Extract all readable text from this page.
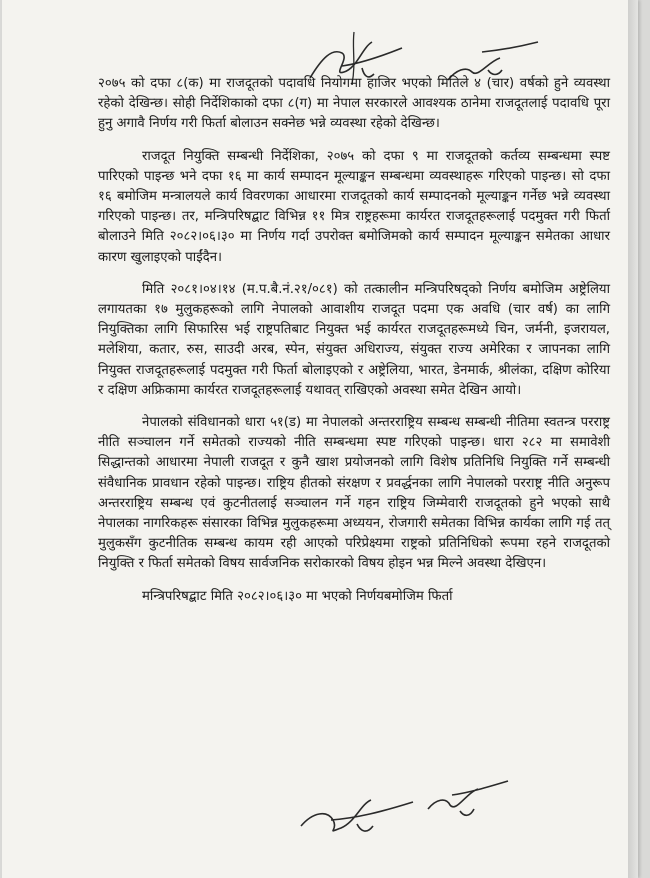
२०७५ को दफा ८(क) मा राजदूतको पदावधि नियोगमा हाजिर भएको मितिले ४ (चार) वर्षको हुने व्यवस्था रहेको देखिन्छ। सोही निर्देशिकाको दफा ८(ग) मा नेपाल सरकारले आवश्यक ठानेमा राजदूतलाई पदावधि पूरा हुनु अगावै निर्णय गरी फिर्ता बोलाउन सक्नेछ भन्ने व्यवस्था रहेको देखिन्छ।

राजदूत नियुक्ति सम्बन्धी निर्देशिका, २०७५ को दफा ९ मा राजदूतको कर्तव्य सम्बन्धमा स्पष्ट पारिएको पाइन्छ भने दफा १६ मा कार्य सम्पादन मूल्याङ्कन सम्बन्धमा व्यवस्थाहरू गरिएको पाइन्छ। सो दफा १६ बमोजिम मन्त्रालयले कार्य विवरणका आधारमा राजदूतको कार्य सम्पादनको मूल्याङ्कन गर्नेछ भन्ने व्यवस्था गरिएको पाइन्छ। तर, मन्त्रिपरिषद्बाट विभिन्न ११ मित्र राष्ट्रहरूमा कार्यरत राजदूतहरूलाई पदमुक्त गरी फिर्ता बोलाउने मिति २०८२।०६।३० मा निर्णय गर्दा उपरोक्त बमोजिमको कार्य सम्पादन मूल्याङ्कन समेतका आधार कारण खुलाइएको पाईंदैन।

मिति २०८१।०४।१४ (म.प.बै.नं.२१/०८१) को तत्कालीन मन्त्रिपरिषद्को निर्णय बमोजिम अष्ट्रेलिया लगायतका १७ मुलुकहरूको लागि नेपालको आवाशीय राजदूत पदमा एक अवधि (चार वर्ष) का लागि नियुक्तिका लागि सिफारिस भई राष्ट्रपतिबाट नियुक्त भई कार्यरत राजदूतहरूमध्ये चिन, जर्मनी, इजरायल, मलेशिया, कतार, रुस, साउदी अरब, स्पेन, संयुक्त अधिराज्य, संयुक्त राज्य अमेरिका र जापनका लागि नियुक्त राजदूतहरूलाई पदमुक्त गरी फिर्ता बोलाइएको र अष्ट्रेलिया, भारत, डेनमार्क, श्रीलंका, दक्षिण कोरिया र दक्षिण अफ्रिकामा कार्यरत राजदूतहरूलाई यथावत् राखिएको अवस्था समेत देखिन आयो।

नेपालको संविधानको धारा ५१(ड) मा नेपालको अन्तरराष्ट्रिय सम्बन्ध सम्बन्धी नीतिमा स्वतन्त्र परराष्ट्र नीति सञ्चालन गर्ने समेतको राज्यको नीति सम्बन्धमा स्पष्ट गरिएको पाइन्छ। धारा २८२ मा समावेशी सिद्धान्तको आधारमा नेपाली राजदूत र कुनै खाश प्रयोजनको लागि विशेष प्रतिनिधि नियुक्ति गर्ने सम्बन्धी संवैधानिक प्रावधान रहेको पाइन्छ। राष्ट्रिय हीतको संरक्षण र प्रवर्द्धनका लागि नेपालको परराष्ट्र नीति अनुरूप अन्तरराष्ट्रिय सम्बन्ध एवं कुटनीतलाई सञ्चालन गर्ने गहन राष्ट्रिय जिम्मेवारी राजदूतको हुने भएको साथै नेपालका नागरिकहरू संसारका विभिन्न मुलुकहरूमा अध्ययन, रोजगारी समेतका विभिन्न कार्यका लागि गई तत् मुलुकसँग कुटनीतिक सम्बन्ध कायम रही आएको परिप्रेक्ष्यमा राष्ट्रको प्रतिनिधिको रूपमा रहने राजदूतको नियुक्ति र फिर्ता समेतको विषय सार्वजनिक सरोकारको विषय होइन भन्न मिल्ने अवस्था देखिएन।

मन्त्रिपरिषद्बाट मिति २०८२।०६।३० मा भएको निर्णयबमोजिम फिर्ता
